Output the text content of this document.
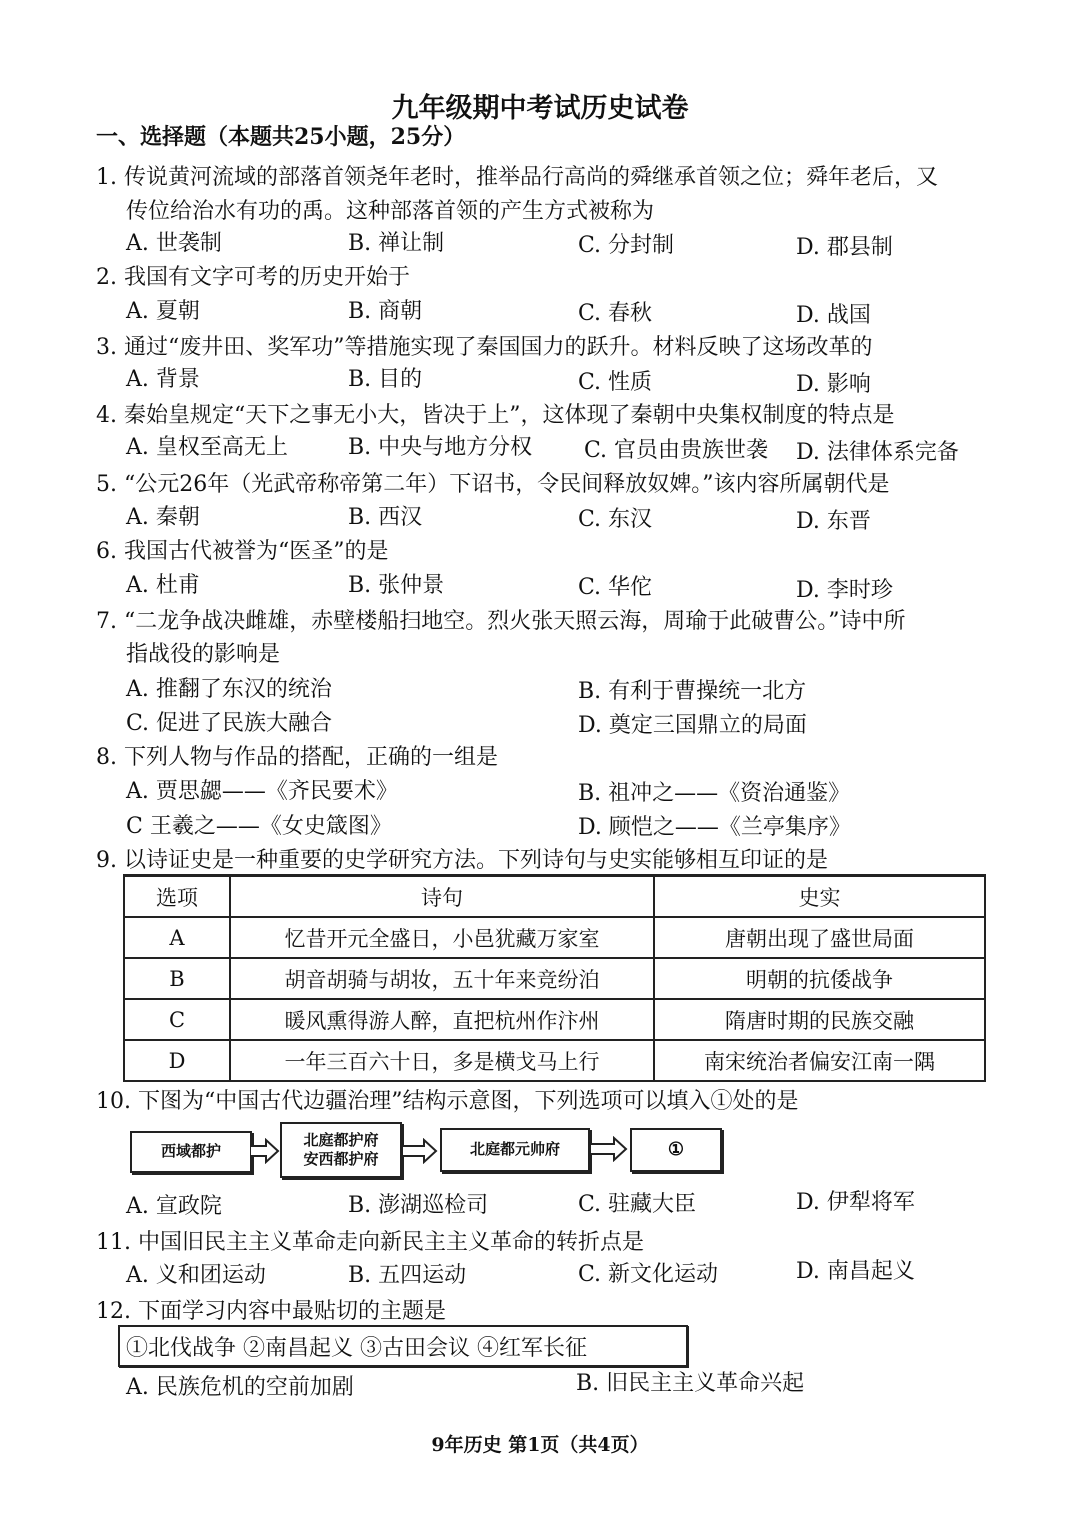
九年级期中考试历史试卷
一、选择题（本题共25小题，25分）
1. 传说黄河流域的部落首领尧年老时，推举品行高尚的舜继承首领之位；舜年老后，又
传位给治水有功的禹。这种部落首领的产生方式被称为
A. 世袭制	B. 禅让制	C. 分封制	D. 郡县制
2. 我国有文字可考的历史开始于
A. 夏朝	B. 商朝	C. 春秋	D. 战国
3. 通过“废井田、奖军功”等措施实现了秦国国力的跃升。材料反映了这场改革的
A. 背景	B. 目的	C. 性质	D. 影响
4. 秦始皇规定“天下之事无小大，皆决于上”，这体现了秦朝中央集权制度的特点是
A. 皇权至高无上	B. 中央与地方分权 C. 官员由贵族世袭 D. 法律体系完备
5. “公元26年（光武帝称帝第二年）下诏书，令民间释放奴婢。”该内容所属朝代是
A. 秦朝	B. 西汉	C. 东汉	D. 东晋
6. 我国古代被誉为“医圣”的是
A. 杜甫	B. 张仲景	C. 华佗	D. 李时珍
7. “二龙争战决雌雄，赤壁楼船扫地空。烈火张天照云海，周瑜于此破曹公。”诗中所
指战役的影响是
A. 推翻了东汉的统治	B. 有利于曹操统一北方
C. 促进了民族大融合	D. 奠定三国鼎立的局面
8. 下列人物与作品的搭配，正确的一组是
A. 贾思勰——《齐民要术》	B. 祖冲之——《资治通鉴》
C 王羲之——《女史箴图》	D. 顾恺之——《兰亭集序》
9. 以诗证史是一种重要的史学研究方法。下列诗句与史实能够相互印证的是
选项	诗句	史实
A	忆昔开元全盛日，小邑犹藏万家室	唐朝出现了盛世局面
B	胡音胡骑与胡妆，五十年来竞纷泊	明朝的抗倭战争
C	暖风熏得游人醉，直把杭州作汴州	隋唐时期的民族交融
D	一年三百六十日，多是横戈马上行	南宋统治者偏安江南一隅
10. 下图为“中国古代边疆治理”结构示意图，下列选项可以填入①处的是
西域都护
北庭都护府
安西都护府
北庭都元帅府	①
A. 宣政院	B. 澎湖巡检司	C. 驻藏大臣	D. 伊犁将军
11. 中国旧民主主义革命走向新民主主义革命的转折点是
A. 义和团运动	B. 五四运动	C. 新文化运动	D. 南昌起义
12. 下面学习内容中最贴切的主题是
①北伐战争 ②南昌起义 ③古田会议 ④红军长征
A. 民族危机的空前加剧	B. 旧民主主义革命兴起
9年历史 第1页（共4页）
